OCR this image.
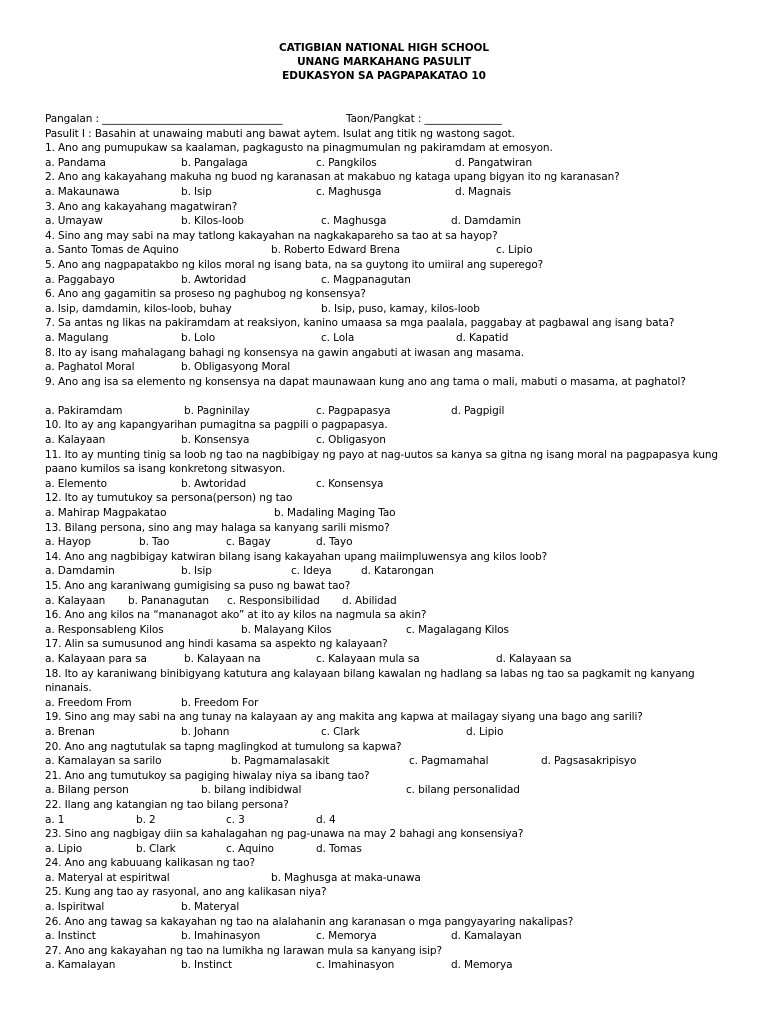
CATIGBIAN NATIONAL HIGH SCHOOL
UNANG MARKAHANG PASULIT
EDUKASYON SA PAGPAPAKATAO 10
Pangalan : ___________________________________	Taon/Pangkat : _______________
Pasulit I : Basahin at unawaing mabuti ang bawat aytem. Isulat ang titik ng wastong sagot.
1. Ano ang pumupukaw sa kaalaman, pagkagusto na pinagmumulan ng pakiramdam at emosyon.
a. Pandama	b. Pangalaga	c. Pangkilos	d. Pangatwiran
2. Ano ang kakayahang makuha ng buod ng karanasan at makabuo ng kataga upang bigyan ito ng karanasan?
a. Makaunawa	b. Isip	c. Maghusga	d. Magnais
3. Ano ang kakayahang magatwiran?
a. Umayaw	b. Kilos-loob	c. Maghusga	d. Damdamin
4. Sino ang may sabi na may tatlong kakayahan na nagkakapareho sa tao at sa hayop?
a. Santo Tomas de Aquino	b. Roberto Edward Brena	c. Lipio
5. Ano ang nagpapatakbo ng kilos moral ng isang bata, na sa guytong ito umiiral ang superego?
a. Paggabayo	b. Awtoridad	c. Magpanagutan
6. Ano ang gagamitin sa proseso ng paghubog ng konsensya?
a. Isip, damdamin, kilos-loob, buhay	b. Isip, puso, kamay, kilos-loob
7. Sa antas ng likas na pakiramdam at reaksiyon, kanino umaasa sa mga paalala, paggabay at pagbawal ang isang bata?
a. Magulang	b. Lolo	c. Lola	d. Kapatid
8. Ito ay isang mahalagang bahagi ng konsensya na gawin angabuti at iwasan ang masama.
a. Paghatol Moral	b. Obligasyong Moral
9. Ano ang isa sa elemento ng konsensya na dapat maunawaan kung ano ang tama o mali, mabuti o masama, at paghatol?
a. Pakiramdam	b. Pagninilay	c. Pagpapasya	d. Pagpigil
10. Ito ay ang kapangyarihan pumagitna sa pagpili o pagpapasya.
a. Kalayaan	b. Konsensya	c. Obligasyon
11. Ito ay munting tinig sa loob ng tao na nagbibigay ng payo at nag-uutos sa kanya sa gitna ng isang moral na pagpapasya kung paano kumilos sa isang konkretong sitwasyon.
a. Elemento	b. Awtoridad	c. Konsensya
12. Ito ay tumutukoy sa persona(person) ng tao
a. Mahirap Magpakatao	b. Madaling Maging Tao
13. Bilang persona, sino ang may halaga sa kanyang sarili mismo?
a. Hayop	b. Tao	c. Bagay	d. Tayo
14. Ano ang nagbibigay katwiran bilang isang kakayahan upang maiimpluwensya ang kilos loob?
a. Damdamin	b. Isip	c. Ideya	d. Katarongan
15. Ano ang karaniwang gumigising sa puso ng bawat tao?
a. Kalayaan b. Pananagutan c. Responsibilidad d. Abilidad
16. Ano ang kilos na “mananagot ako” at ito ay kilos na nagmula sa akin?
a. Responsableng Kilos	b. Malayang Kilos	c. Magalagang Kilos
17. Alin sa sumusunod ang hindi kasama sa aspekto ng kalayaan?
a. Kalayaan para sa	b. Kalayaan na	c. Kalayaan mula sa	d. Kalayaan sa
18. Ito ay karaniwang binibigyang katutura ang kalayaan bilang kawalan ng hadlang sa labas ng tao sa pagkamit ng kanyang ninanais.
a. Freedom From	b. Freedom For
19. Sino ang may sabi na ang tunay na kalayaan ay ang makita ang kapwa at mailagay siyang una bago ang sarili?
a. Brenan	b. Johann	c. Clark	d. Lipio
20. Ano ang nagtutulak sa tapng maglingkod at tumulong sa kapwa?
a. Kamalayan sa sarilo	b. Pagmamalasakit	c. Pagmamahal	d. Pagsasakripisyo
21. Ano ang tumutukoy sa pagiging hiwalay niya sa ibang tao?
a. Bilang person	b. bilang indibidwal	c. bilang personalidad
22. Ilang ang katangian ng tao bilang persona?
a. 1	b. 2	c. 3	d. 4
23. Sino ang nagbigay diin sa kahalagahan ng pag-unawa na may 2 bahagi ang konsensiya?
a. Lipio	b. Clark	c. Aquino	d. Tomas
24. Ano ang kabuuang kalikasan ng tao?
a. Materyal at espiritwal	b. Maghusga at maka-unawa
25. Kung ang tao ay rasyonal, ano ang kalikasan niya?
a. Ispiritwal	b. Materyal
26. Ano ang tawag sa kakayahan ng tao na alalahanin ang karanasan o mga pangyayaring nakalipas?
a. Instinct	b. Imahinasyon	c. Memorya	d. Kamalayan
27. Ano ang kakayahan ng tao na lumikha ng larawan mula sa kanyang isip?
a. Kamalayan	b. Instinct	c. Imahinasyon	d. Memorya
